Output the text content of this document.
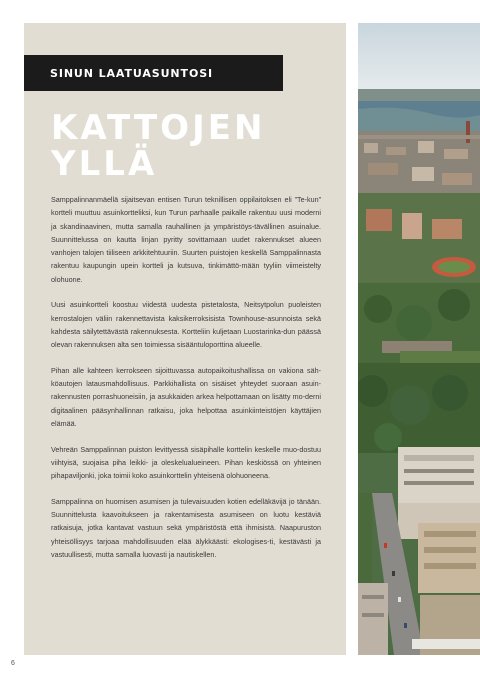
SINUN LAATUASUNTOSI
KATTOJEN
YLLÄ

Samppalinnanmäellä sijaitsevan entisen Turun teknillisen oppilaitoksen eli ”Te-kun” kortteli muuttuu asuinkortteliksi, kun Turun parhaalle paikalle rakentuu uusi moderni ja skandinaavinen, mutta samalla rauhallinen ja ympäristöys-tävällinen asuinalue. Suunnittelussa on kautta linjan pyritty sovittamaan uudet rakennukset alueen vanhojen talojen tiiliseen arkkitehtuuriin. Suurten puistojen keskellä Samppalinnasta rakentuu kaupungin upein kortteli ja kutsuva, tinkimättö-mään tyyliin viimeistelty olohuone.

Uusi asuinkortteli koostuu viidestä uudesta pistetalosta, Neitsytpolun puoleisten kerrostalojen väliin rakennettavista kaksikerroksisista Townhouse-asunnoista sekä kahdesta säilytettävästä rakennuksesta. Kortteliin kuljetaan Luostarinka-dun päässä olevan rakennuksen alta sen toimiessa sisääntuloporttina alueelle.

Pihan alle kahteen kerrokseen sijoittuvassa autopaikoitushallissa on vakiona säh-köautojen latausmahdollisuus. Parkkihallista on sisäiset yhteydet suoraan asuin-rakennusten porrashuoneisiin, ja asukkaiden arkea helpottamaan on lisätty mo-derni digitaalinen pääsynhallinnan ratkaisu, joka helpottaa asuinkiinteistöjen käyttäjien elämää.

Vehreän Samppalinnan puiston levittyessä sisäpihalle korttelin keskelle muo-dostuu viihtyisä, suojaisa piha leikki- ja oleskelualueineen. Pihan keskiössä on yhteinen pihapaviljonki, joka toimii koko asuinkorttelin yhteisenä olohuoneena.

Samppalinna on huomisen asumisen ja tulevaisuuden kotien edelläkävijä jo tänään. Suunnittelusta kaavoitukseen ja rakentamisesta asumiseen on luotu kestäviä ratkaisuja, jotka kantavat vastuun sekä ympäristöstä että ihmisistä. Naapuruston yhteisöllisyys tarjoaa mahdollisuuden elää älykkäästi: ekologises-ti, kestävästi ja vastuullisesti, mutta samalla luovasti ja nautiskellen.

6
